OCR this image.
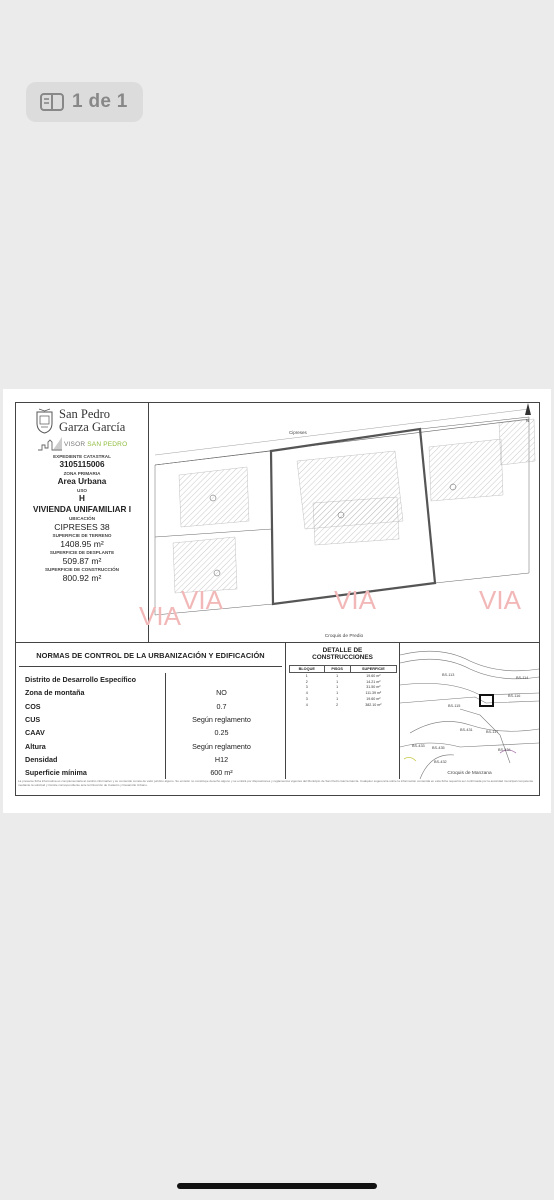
1 de 1
San Pedro
Garza García
VISOR SAN PEDRO
EXPEDIENTE CATASTRAL
3105115006
ZONA PRIMARIA
Area Urbana
USO
H
VIVIENDA UNIFAMILIAR I
UBICACIÓN
CIPRESES 38
SUPERFICIE DE TERRENO
1408.95 m²
SUPERFICIE DE DESPLANTE
509.87 m²
SUPERFICIE DE CONSTRUCCIÓN
800.92 m²
Cipreses
N
VIA
VIA	VIA	VIA
Croquis de Predio
NORMAS DE CONTROL DE LA URBANIZACIÓN Y EDIFICACIÓN
Distrito de Desarrollo Específico
Zona de montaña	NO
COS	0.7
CUS	Según reglamento
CAAV	0.25
Altura	Según reglamento
Densidad	H12
Superficie mínima	600 m²
DETALLE DE
CONSTRUCCIONES
BLOQUE	PISOS	SUPERFICIE
1	1	19.60 m²
2	1	14.21 m²
3	1	31.50 m²
4	1	111.39 m²
3	1	19.60 m²
4	2	382.10 m²
BS-113
BS-114
BS-115
BS-116
BS-117
BS-431
BS-433
BS-434
BS-432
BS-435
Croquis de Manzana
La presente ficha informativa es complementaria al cambio informativo y su contenido consta de valor jurídico alguno. Su emisión no constituye derecho alguno y se emitirá por disposiciones y reglamentos vigentes del Municipio de San Pedro Garza García. Cualquier sugerencia sobre la información contenida en esta ficha requerirá ser confirmada por la autoridad municipal competente mediante la solicitud y trámite correspondiente ante la Dirección de Catastro y Desarrollo Urbano.
